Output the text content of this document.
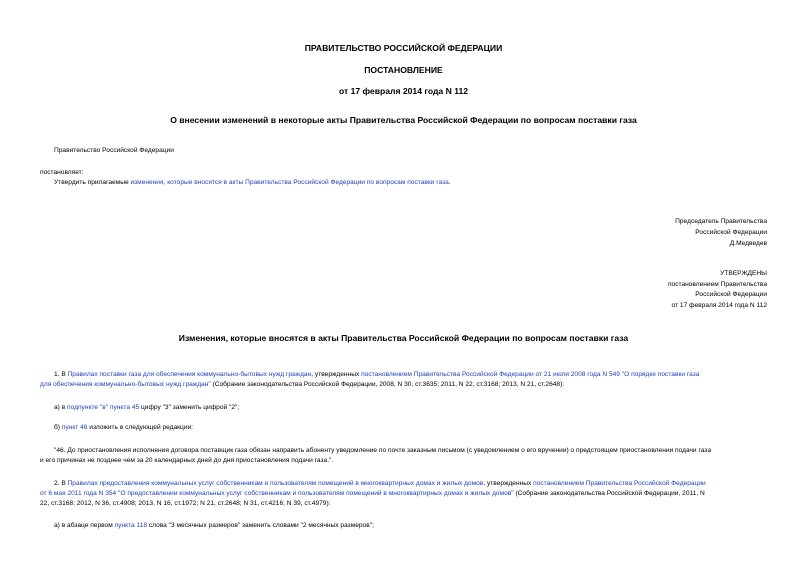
ПРАВИТЕЛЬСТВО РОССИЙСКОЙ ФЕДЕРАЦИИ
ПОСТАНОВЛЕНИЕ
от 17 февраля 2014 года N 112
О внесении изменений в некоторые акты Правительства Российской Федерации по вопросам поставки газа
Правительство Российской Федерации
постановляет:
Утвердить прилагаемые изменения, которые вносятся в акты Правительства Российской Федерации по вопросам поставки газа.
Председатель Правительства
Российской Федерации
Д.Медведев
УТВЕРЖДЕНЫ
постановлением Правительства
Российской Федерации
от 17 февраля 2014 года N 112
Изменения, которые вносятся в акты Правительства Российской Федерации по вопросам поставки газа
1. В Правилах поставки газа для обеспечения коммунально-бытовых нужд граждан, утвержденных постановлением Правительства Российской Федерации от 21 июля 2008 года N 549 "О порядке поставки газа
для обеспечения коммунально-бытовых нужд граждан" (Собрание законодательства Российской Федерации, 2008, N 30, ст.3635; 2011, N 22, ст.3168; 2013, N 21, ст.2648):
а) в подпункте "в" пункта 45 цифру "3" заменить цифрой "2";
б) пункт 46 изложить в следующей редакции:
"46. До приостановления исполнения договора поставщик газа обязан направить абоненту уведомление по почте заказным письмом (с уведомлением о его вручении) о предстоящем приостановлении подачи газа
и его причинах не позднее чем за 20 календарных дней до дня приостановления подачи газа.".
2. В Правилах предоставления коммунальных услуг собственникам и пользователям помещений в многоквартирных домах и жилых домов, утвержденных постановлением Правительства Российской Федерации
от 6 мая 2011 года N 354 "О предоставлении коммунальных услуг собственникам и пользователям помещений в многоквартирных домах и жилых домов" (Собрание законодательства Российской Федерации, 2011, N
22, ст.3168; 2012, N 36, ст.4908; 2013, N 16, ст.1972; N 21, ст.2648; N 31, ст.4216; N 39, ст.4979):
а) в абзаце первом пункта 118 слова "3 месячных размеров" заменить словами "2 месячных размеров";
